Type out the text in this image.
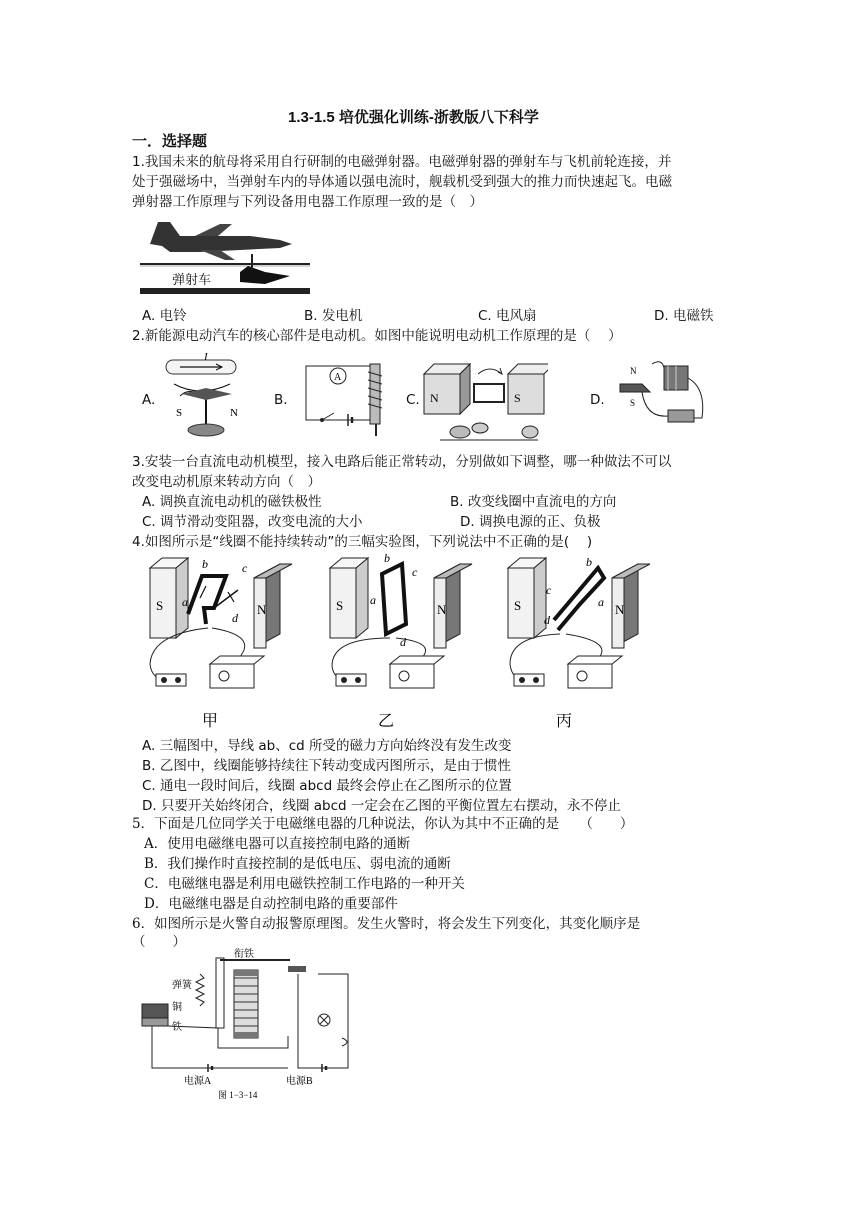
1.3-1.5 培优强化训练-浙教版八下科学
一．选择题
1.我国未来的航母将采用自行研制的电磁弹射器。电磁弹射器的弹射车与飞机前轮连接，并
处于强磁场中，当弹射车内的导体通以强电流时，舰载机受到强大的推力而快速起飞。电磁
弹射器工作原理与下列设备用电器工作原理一致的是（　）
弹射车
A. 电铃	B. 发电机	C. 电风扇	D. 电磁铁
2.新能源电动汽车的核心部件是电动机。如图中能说明电动机工作原理的是（　 ）
A.
I
S	N
B.
A
C. N	S	D.
N
S
3.安装一台直流电动机模型，接入电路后能正常转动，分别做如下调整，哪一种做法不可以
改变电动机原来转动方向（　）
A. 调换直流电动机的磁铁极性	B. 改变线圈中直流电的方向
C. 调节滑动变阻器，改变电流的大小	D. 调换电源的正、负极
4.如图所示是“线圈不能持续转动”的三幅实验图，下列说法中不正确的是(　 )
S	N
a
b	c
d
甲
S	N
a
b
c
d
乙
S	N
c
b
a
d
丙
A. 三幅图中，导线 ab、cd 所受的磁力方向始终没有发生改变
B. 乙图中，线圈能够持续往下转动变成丙图所示，是由于惯性
C. 通电一段时间后，线圈 abcd 最终会停止在乙图所示的位置
D. 只要开关始终闭合，线圈 abcd 一定会在乙图的平衡位置左右摆动，永不停止
5．下面是几位同学关于电磁继电器的几种说法，你认为其中不正确的是　　（　　）
A．使用电磁继电器可以直接控制电路的通断
B．我们操作时直接控制的是低电压、弱电流的通断
C．电磁继电器是利用电磁铁控制工作电路的一种开关
D．电磁继电器是自动控制电路的重要部件
6．如图所示是火警自动报警原理图。发生火警时，将会发生下列变化，其变化顺序是
（　　）
衔铁
弹簧
铜
铁
电源A	电源B
图 1−3−14
